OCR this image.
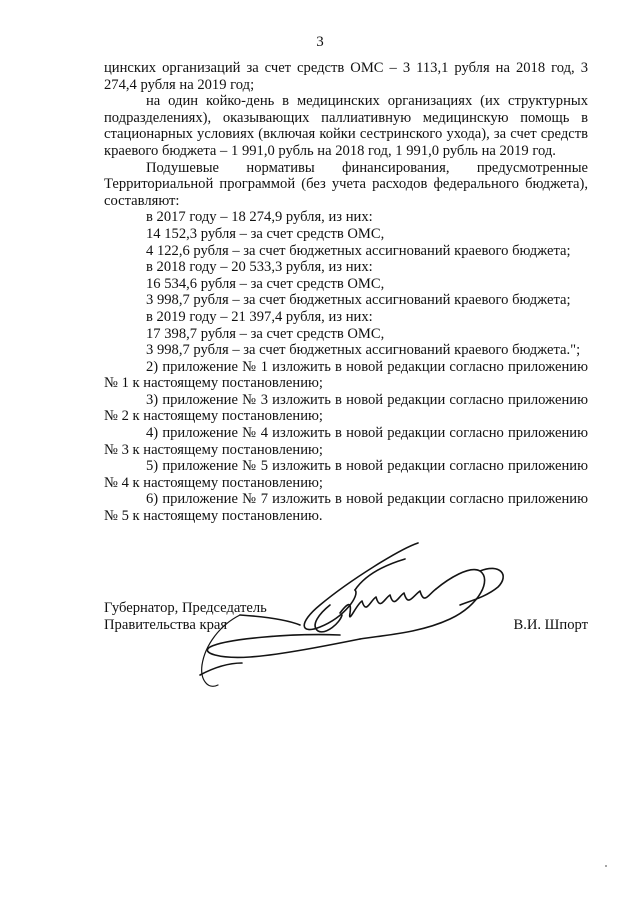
3

цинских организаций за счет средств ОМС – 3 113,1 рубля на 2018 год, 3 274,4 рубля на 2019 год;

на один койко-день в медицинских организациях (их структурных подразделениях), оказывающих паллиативную медицинскую помощь в стационарных условиях (включая койки сестринского ухода), за счет средств краевого бюджета – 1 991,0 рубль на 2018 год, 1 991,0 рубль на 2019 год.

Подушевые нормативы финансирования, предусмотренные Территориальной программой (без учета расходов федерального бюджета), составляют:

в 2017 году – 18 274,9 рубля, из них:

14 152,3 рубля – за счет средств ОМС,

4 122,6 рубля – за счет бюджетных ассигнований краевого бюджета;

в 2018 году – 20 533,3 рубля, из них:

16 534,6 рубля – за счет средств ОМС,

3 998,7 рубля – за счет бюджетных ассигнований краевого бюджета;

в 2019 году – 21 397,4 рубля, из них:

17 398,7 рубля – за счет средств ОМС,

3 998,7 рубля – за счет бюджетных ассигнований краевого бюджета.";

2) приложение № 1 изложить в новой редакции согласно приложению № 1 к настоящему постановлению;

3) приложение № 3 изложить в новой редакции согласно приложению № 2 к настоящему постановлению;

4) приложение № 4 изложить в новой редакции согласно приложению № 3 к настоящему постановлению;

5) приложение № 5 изложить в новой редакции согласно приложению № 4 к настоящему постановлению;

6) приложение № 7 изложить в новой редакции согласно приложению № 5 к настоящему постановлению.

Губернатор, Председатель
Правительства края	В.И. Шпорт
